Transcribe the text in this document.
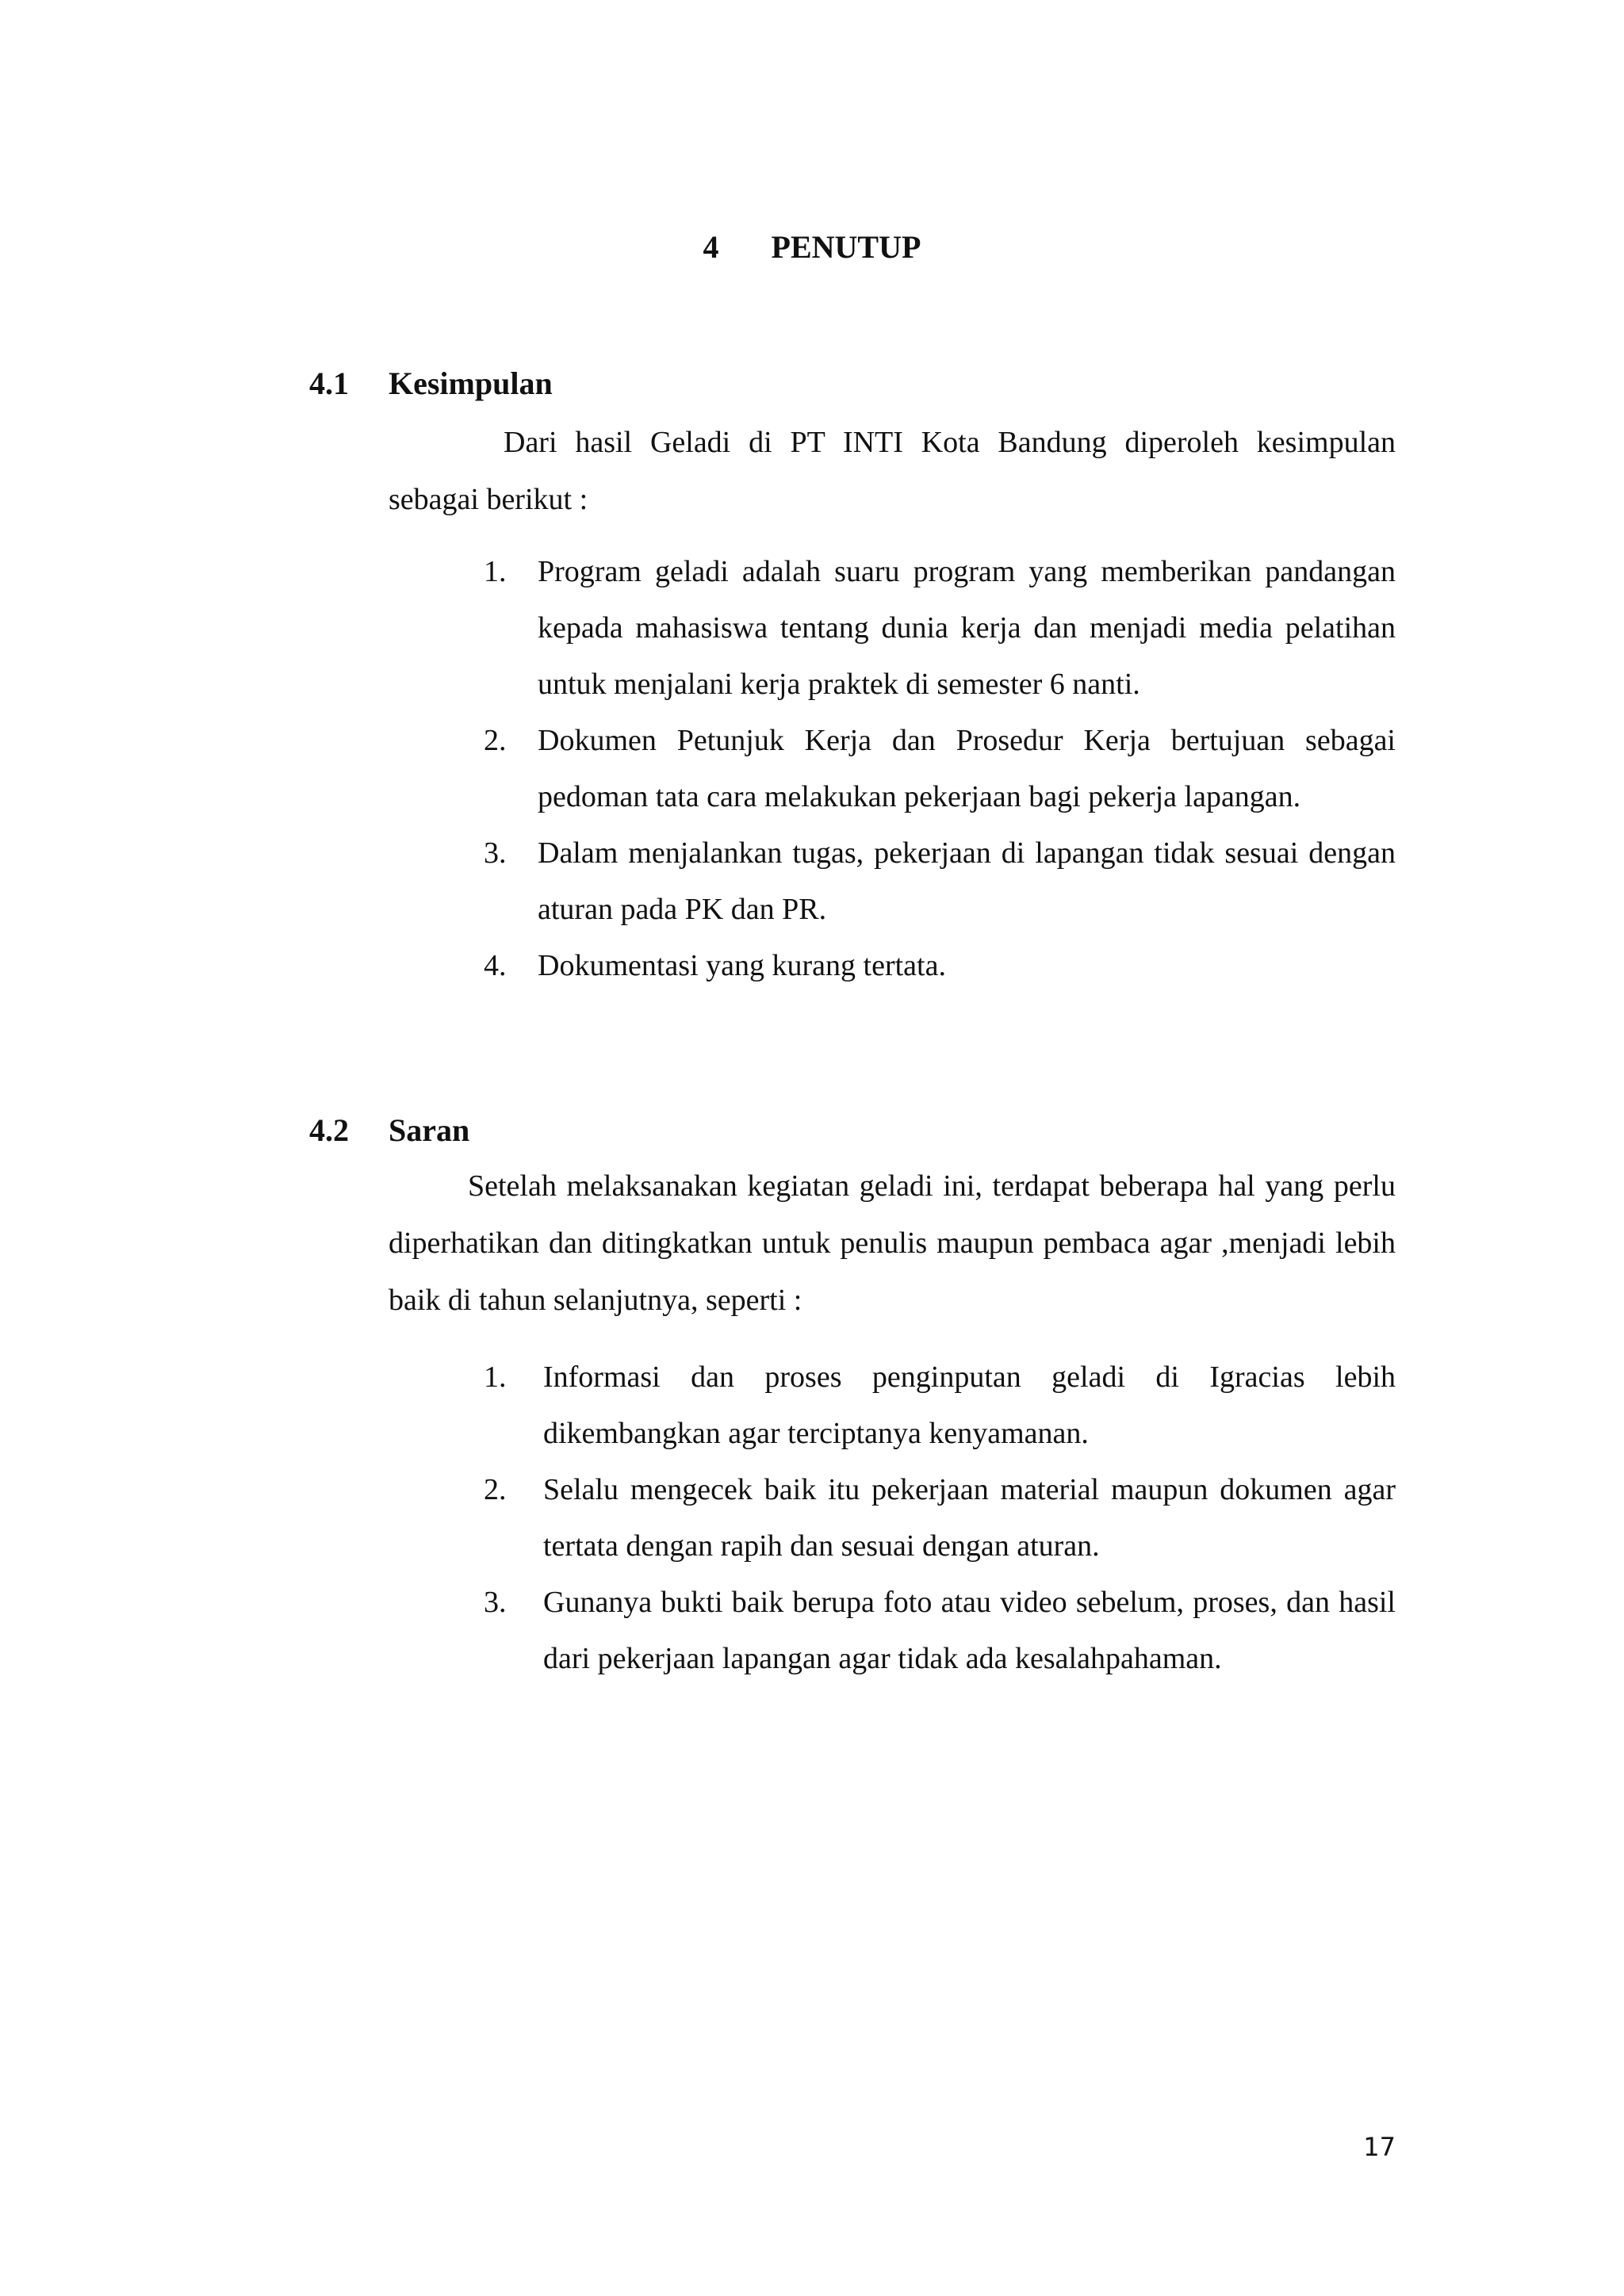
4 PENUTUP
4.1 Kesimpulan

Dari hasil Geladi di PT INTI Kota Bandung diperoleh kesimpulan sebagai berikut :

1. Program geladi adalah suaru program yang memberikan pandangan kepada mahasiswa tentang dunia kerja dan menjadi media pelatihan untuk menjalani kerja praktek di semester 6 nanti.
2. Dokumen Petunjuk Kerja dan Prosedur Kerja bertujuan sebagai pedoman tata cara melakukan pekerjaan bagi pekerja lapangan.
3. Dalam menjalankan tugas, pekerjaan di lapangan tidak sesuai dengan aturan pada PK dan PR.
4. Dokumentasi yang kurang tertata.
4.2 Saran

Setelah melaksanakan kegiatan geladi ini, terdapat beberapa hal yang perlu diperhatikan dan ditingkatkan untuk penulis maupun pembaca agar ,menjadi lebih baik di tahun selanjutnya, seperti :

1. Informasi dan proses penginputan geladi di Igracias lebih dikembangkan agar terciptanya kenyamanan.
2. Selalu mengecek baik itu pekerjaan material maupun dokumen agar tertata dengan rapih dan sesuai dengan aturan.
3. Gunanya bukti baik berupa foto atau video sebelum, proses, dan hasil dari pekerjaan lapangan agar tidak ada kesalahpahaman.
17
